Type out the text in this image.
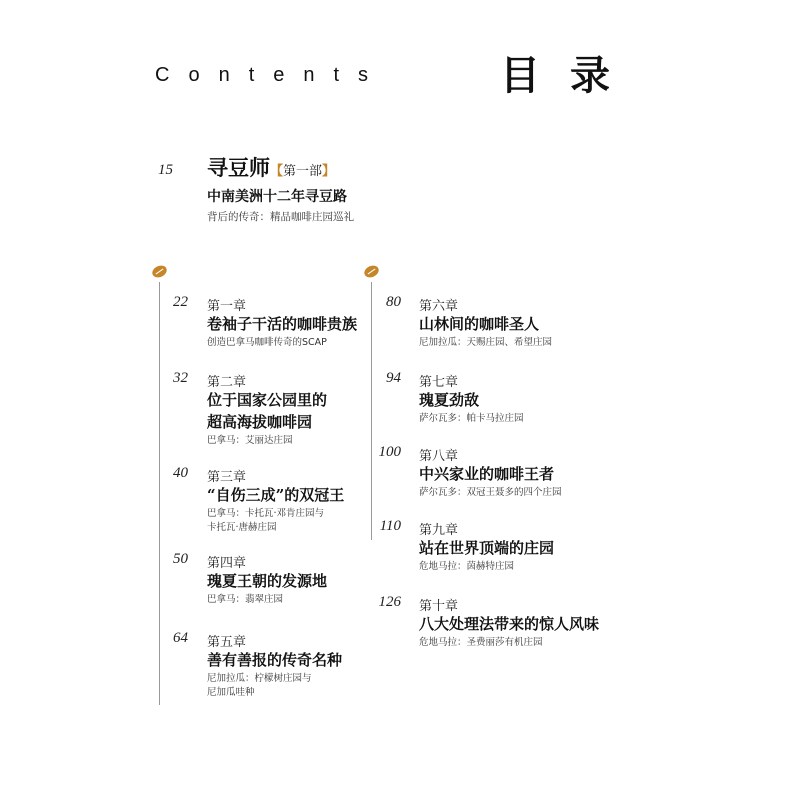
Contents	目录
15 寻豆师【第一部】
中南美洲十二年寻豆路
背后的传奇：精品咖啡庄园巡礼
22 第一章
卷袖子干活的咖啡贵族
创造巴拿马咖啡传奇的SCAP
32 第二章
位于国家公园里的
超高海拔咖啡园
巴拿马：艾丽达庄园
40 第三章
“自伤三成”的双冠王
巴拿马：卡托瓦·邓肯庄园与
卡托瓦·唐赫庄园
50 第四章
瑰夏王朝的发源地
巴拿马：翡翠庄园
64 第五章
善有善报的传奇名种
尼加拉瓜：柠檬树庄园与
尼加瓜哇种
80 第六章
山林间的咖啡圣人
尼加拉瓜：天赐庄园、希望庄园
94 第七章
瑰夏劲敌
萨尔瓦多：帕卡马拉庄园
100 第八章
中兴家业的咖啡王者
萨尔瓦多：双冠王聂多的四个庄园
110 第九章
站在世界顶端的庄园
危地马拉：茵赫特庄园
126 第十章
八大处理法带来的惊人风味
危地马拉：圣费丽莎有机庄园
